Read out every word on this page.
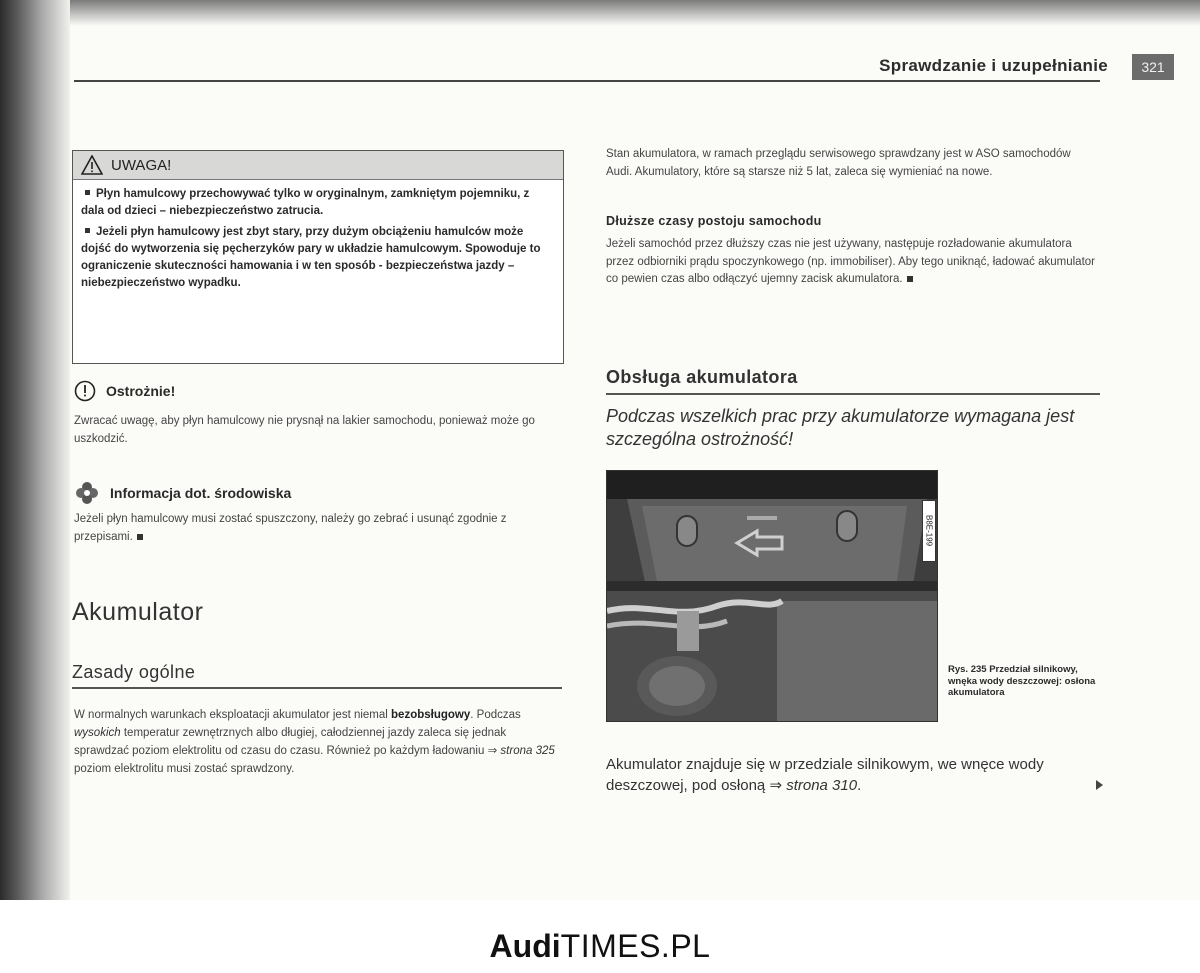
Sprawdzanie i uzupełnianie	321
UWAGA!

Płyn hamulcowy przechowywać tylko w oryginalnym, zamkniętym pojemniku, z dala od dzieci – niebezpieczeństwo zatrucia.

Jeżeli płyn hamulcowy jest zbyt stary, przy dużym obciążeniu hamulców może dojść do wytworzenia się pęcherzyków pary w układzie hamulcowym. Spowoduje to ograniczenie skuteczności hamowania i w ten sposób - bezpieczeństwa jazdy – niebezpieczeństwo wypadku.

Ostrożnie!
Zwracać uwagę, aby płyn hamulcowy nie prysnął na lakier samochodu, ponieważ może go uszkodzić.
Informacja dot. środowiska
Jeżeli płyn hamulcowy musi zostać spuszczony, należy go zebrać i usunąć zgodnie z przepisami.
Akumulator
Zasady ogólne
W normalnych warunkach eksploatacji akumulator jest niemal bezobsługowy. Podczas wysokich temperatur zewnętrznych albo długiej, całodziennej jazdy zaleca się jednak sprawdzać poziom elektrolitu od czasu do czasu. Również po każdym ładowaniu ⇒ strona 325 poziom elektrolitu musi zostać sprawdzony.
Stan akumulatora, w ramach przeglądu serwisowego sprawdzany jest w ASO samochodów Audi. Akumulatory, które są starsze niż 5 lat, zaleca się wymieniać na nowe.
Dłuższe czasy postoju samochodu
Jeżeli samochód przez dłuższy czas nie jest używany, następuje rozładowanie akumulatora przez odbiorniki prądu spoczynkowego (np. immobiliser). Aby tego uniknąć, ładować akumulator co pewien czas albo odłączyć ujemny zacisk akumulatora.
Obsługa akumulatora
Podczas wszelkich prac przy akumulatorze wymagana jest szczególna ostrożność!
B8E-199
Rys. 235 Przedział silnikowy, wnęka wody deszczowej: osłona akumulatora
Akumulator znajduje się w przedziale silnikowym, we wnęce wody deszczowej, pod osłoną ⇒ strona 310.
AudiTIMES.PL
